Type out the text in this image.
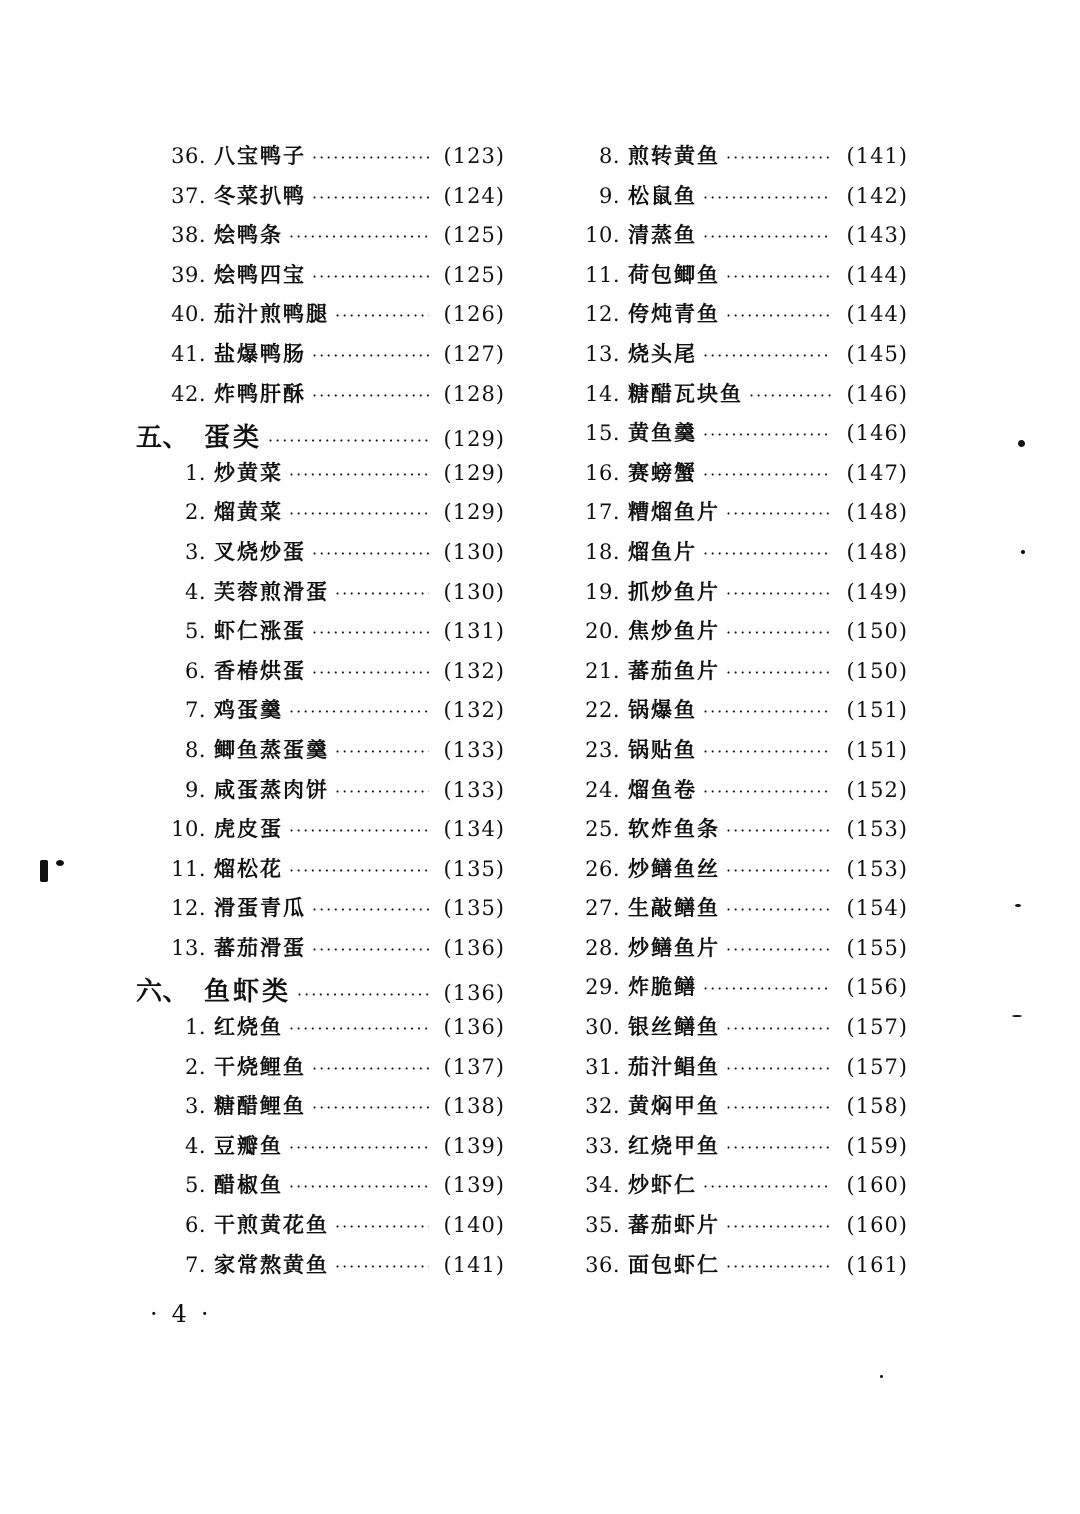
36. 八宝鸭子 ·····	(123)
37. 冬菜扒鸭 ·····	(124)
38. 烩鸭条 ·····	(125)
39. 烩鸭四宝 ·····	(125)
40. 茄汁煎鸭腿 ·····	(126)
41. 盐爆鸭肠 ·····	(127)
42. 炸鸭肝酥 ·····	(128)
五、 蛋类 ·····	(129)
1. 炒黄菜 ·····	(129)
2. 熘黄菜 ·····	(129)
3. 叉烧炒蛋 ·····	(130)
4. 芙蓉煎滑蛋 ·····	(130)
5. 虾仁涨蛋 ·····	(131)
6. 香椿烘蛋 ·····	(132)
7. 鸡蛋羹 ·····	(132)
8. 鲫鱼蒸蛋羹 ·····	(133)
9. 咸蛋蒸肉饼 ·····	(133)
10. 虎皮蛋 ·····	(134)
11. 熘松花 ·····	(135)
12. 滑蛋青瓜 ·····	(135)
13. 蕃茄滑蛋 ·····	(136)
六、 鱼虾类 ·····	(136)
1. 红烧鱼 ·····	(136)
2. 干烧鲤鱼 ·····	(137)
3. 糖醋鲤鱼 ·····	(138)
4. 豆瓣鱼 ·····	(139)
5. 醋椒鱼 ·····	(139)
6. 干煎黄花鱼 ·····	(140)
7. 家常熬黄鱼 ·····	(141)
8. 煎转黄鱼 ·····	(141)
9. 松鼠鱼 ·····	(142)
10. 清蒸鱼 ·····	(143)
11. 荷包鲫鱼 ·····	(144)
12. 侉炖青鱼 ·····	(144)
13. 烧头尾 ·····	(145)
14. 糖醋瓦块鱼 ·····	(146)
15. 黄鱼羹 ·····	(146)
16. 赛螃蟹 ·····	(147)
17. 糟熘鱼片 ·····	(148)
18. 熘鱼片 ·····	(148)
19. 抓炒鱼片 ·····	(149)
20. 焦炒鱼片 ·····	(150)
21. 蕃茄鱼片 ·····	(150)
22. 锅爆鱼 ·····	(151)
23. 锅贴鱼 ·····	(151)
24. 熘鱼卷 ·····	(152)
25. 软炸鱼条 ·····	(153)
26. 炒鳝鱼丝 ·····	(153)
27. 生敲鳝鱼 ·····	(154)
28. 炒鳝鱼片 ·····	(155)
29. 炸脆鳝 ·····	(156)
30. 银丝鳝鱼 ·····	(157)
31. 茄汁鲳鱼 ·····	(157)
32. 黄焖甲鱼 ·····	(158)
33. 红烧甲鱼 ·····	(159)
34. 炒虾仁 ·····	(160)
35. 蕃茄虾片 ·····	(160)
36. 面包虾仁 ·····	(161)
·4·
